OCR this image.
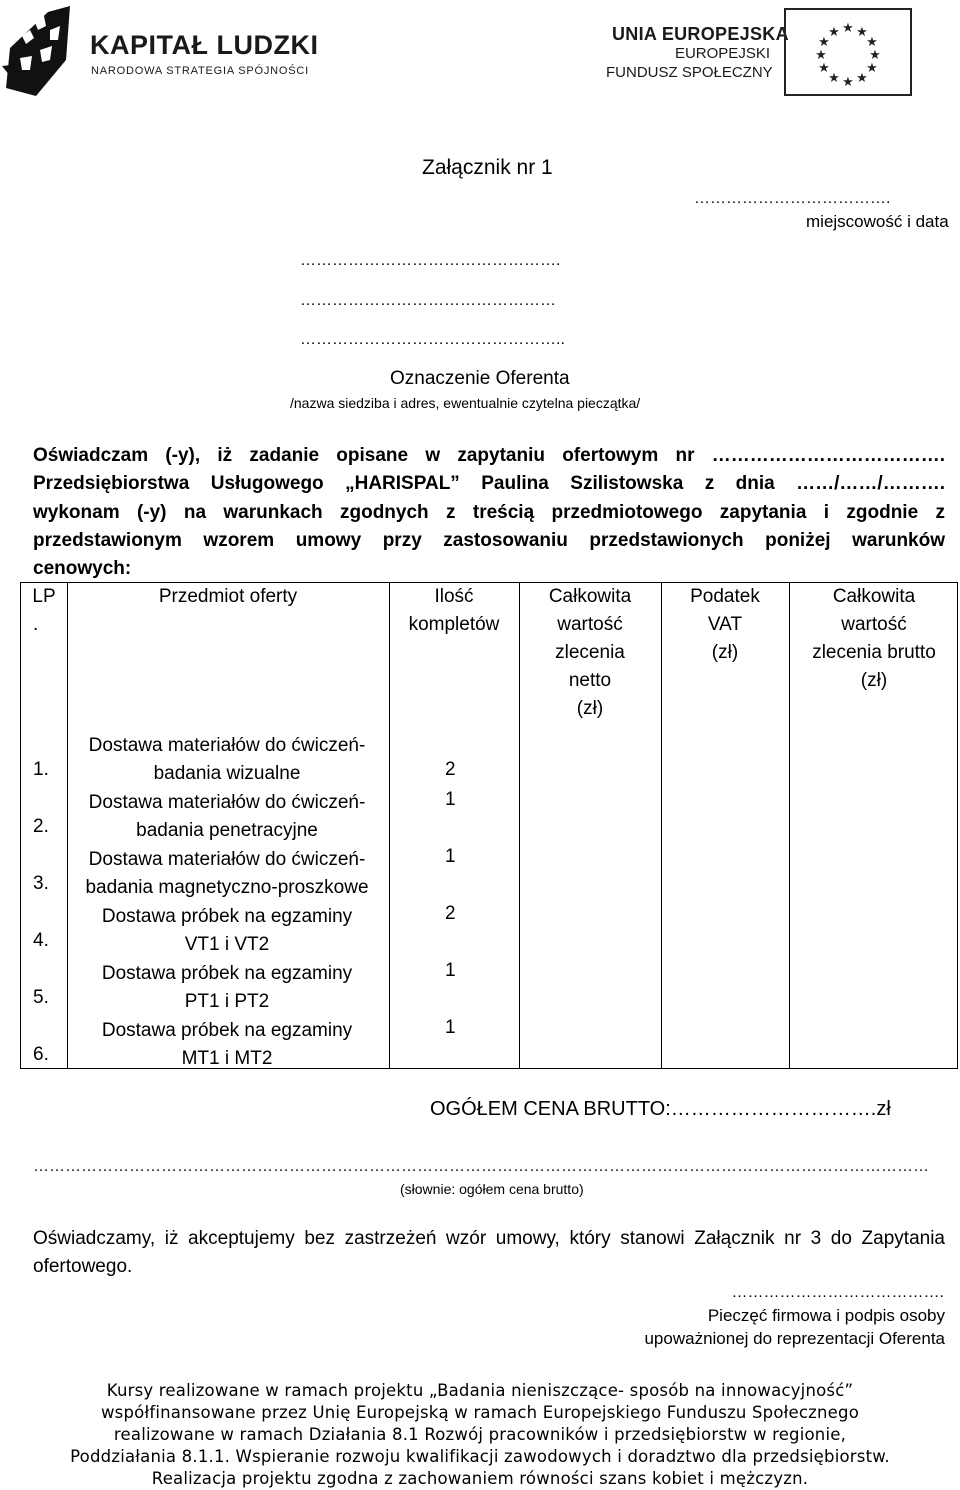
KAPITAŁ LUDZKI
NARODOWA STRATEGIA SPÓJNOŚCI
UNIA EUROPEJSKA
EUROPEJSKI
FUNDUSZ SPOŁECZNY
★ ★
★
★
★
★
★
★
★
★
★
★
Załącznik nr 1
……………………………….
miejscowość i data
………………………………………….
…………………………………………
…………………………………………..
Oznaczenie Oferenta
/nazwa siedziba i adres, ewentualnie czytelna pieczątka/
Oświadczam (-y), iż zadanie opisane w zapytaniu ofertowym nr ……………………………….
Przedsiębiorstwa Usługowego „HARISPAL” Paulina Szilistowska z dnia ……/……/……….
wykonam (-y) na warunkach zgodnych z treścią przedmiotowego zapytania i zgodnie z
przedstawionym wzorem umowy przy zastosowaniu przedstawionych poniżej warunków
cenowych:
LP
.
Przedmiot oferty	Ilość
kompletów
Całkowita
wartość
zlecenia
netto
(zł)
Podatek
VAT
(zł)
Całkowita
wartość
zlecenia brutto
(zł)
1.
Dostawa materiałów do ćwiczeń-
badania wizualne	2
2.
Dostawa materiałów do ćwiczeń-
badania penetracyjne
1
3.
Dostawa materiałów do ćwiczeń-
badania magnetyczno-proszkowe
1
4.
Dostawa próbek na egzaminy
VT1 i VT2
2
5.
Dostawa próbek na egzaminy
PT1 i PT2
1
6.
Dostawa próbek na egzaminy
MT1 i MT2
1
OGÓŁEM CENA BRUTTO:………………………….zł
……………………………………………………………………………………………………………………………………………………
(słownie: ogółem cena brutto)
Oświadczamy, iż akceptujemy bez zastrzeżeń wzór umowy, który stanowi Załącznik nr 3 do Zapytania
ofertowego.
………………………………….
Pieczęć firmowa i podpis osoby
upoważnionej do reprezentacji Oferenta
Kursy realizowane w ramach projektu „Badania nieniszczące- sposób na innowacyjność”
współfinansowane przez Unię Europejską w ramach Europejskiego Funduszu Społecznego
realizowane w ramach Działania 8.1 Rozwój pracowników i przedsiębiorstw w regionie,
Poddziałania 8.1.1. Wspieranie rozwoju kwalifikacji zawodowych i doradztwo dla przedsiębiorstw.
Realizacja projektu zgodna z zachowaniem równości szans kobiet i mężczyzn.
